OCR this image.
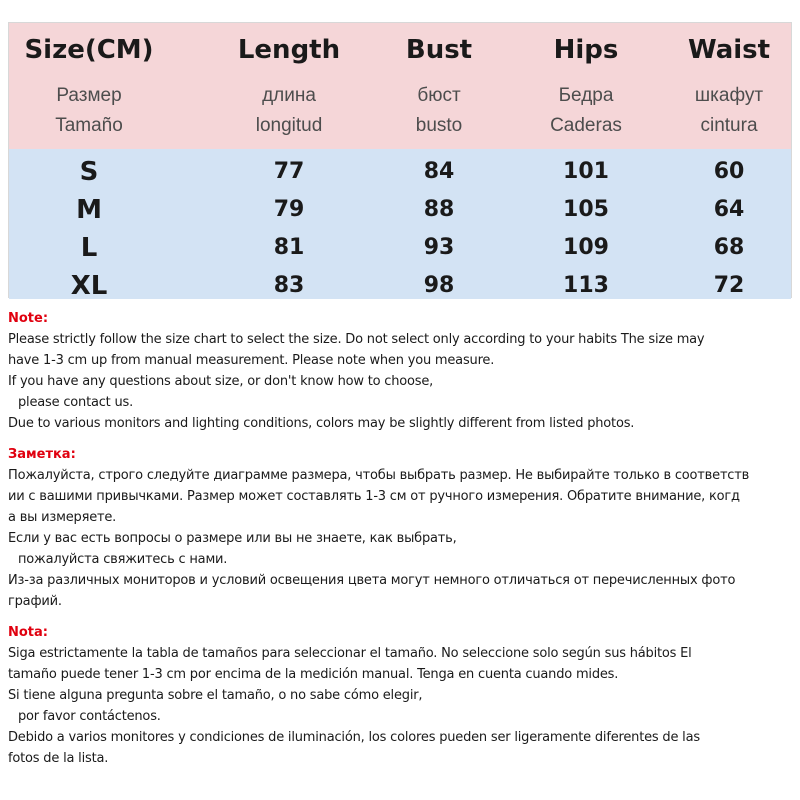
Size(CM)	Length	Bust	Hips	Waist
Размер	длина	бюст	Бедра	шкафут
Tamaño	longitud	busto	Caderas	cintura
S	77	84	101	60
M	79	88	105	64
L	81	93	109	68
XL	83	98	113	72
Note:
Please strictly follow the size chart to select the size. Do not select only according to your habits The size may
have 1-3 cm up from manual measurement. Please note when you measure.
If you have any questions about size, or don't know how to choose,
please contact us.
Due to various monitors and lighting conditions, colors may be slightly different from listed photos.
Заметка:
Пожалуйста, строго следуйте диаграмме размера, чтобы выбрать размер. Не выбирайте только в соответств
ии с вашими привычками. Размер может составлять 1-3 см от ручного измерения. Обратите внимание, когд
а вы измеряете.
Если у вас есть вопросы о размере или вы не знаете, как выбрать,
пожалуйста свяжитесь с нами.
Из-за различных мониторов и условий освещения цвета могут немного отличаться от перечисленных фото
графий.
Nota:
Siga estrictamente la tabla de tamaños para seleccionar el tamaño. No seleccione solo según sus hábitos El
tamaño puede tener 1-3 cm por encima de la medición manual. Tenga en cuenta cuando mides.
Si tiene alguna pregunta sobre el tamaño, o no sabe cómo elegir,
por favor contáctenos.
Debido a varios monitores y condiciones de iluminación, los colores pueden ser ligeramente diferentes de las
fotos de la lista.
